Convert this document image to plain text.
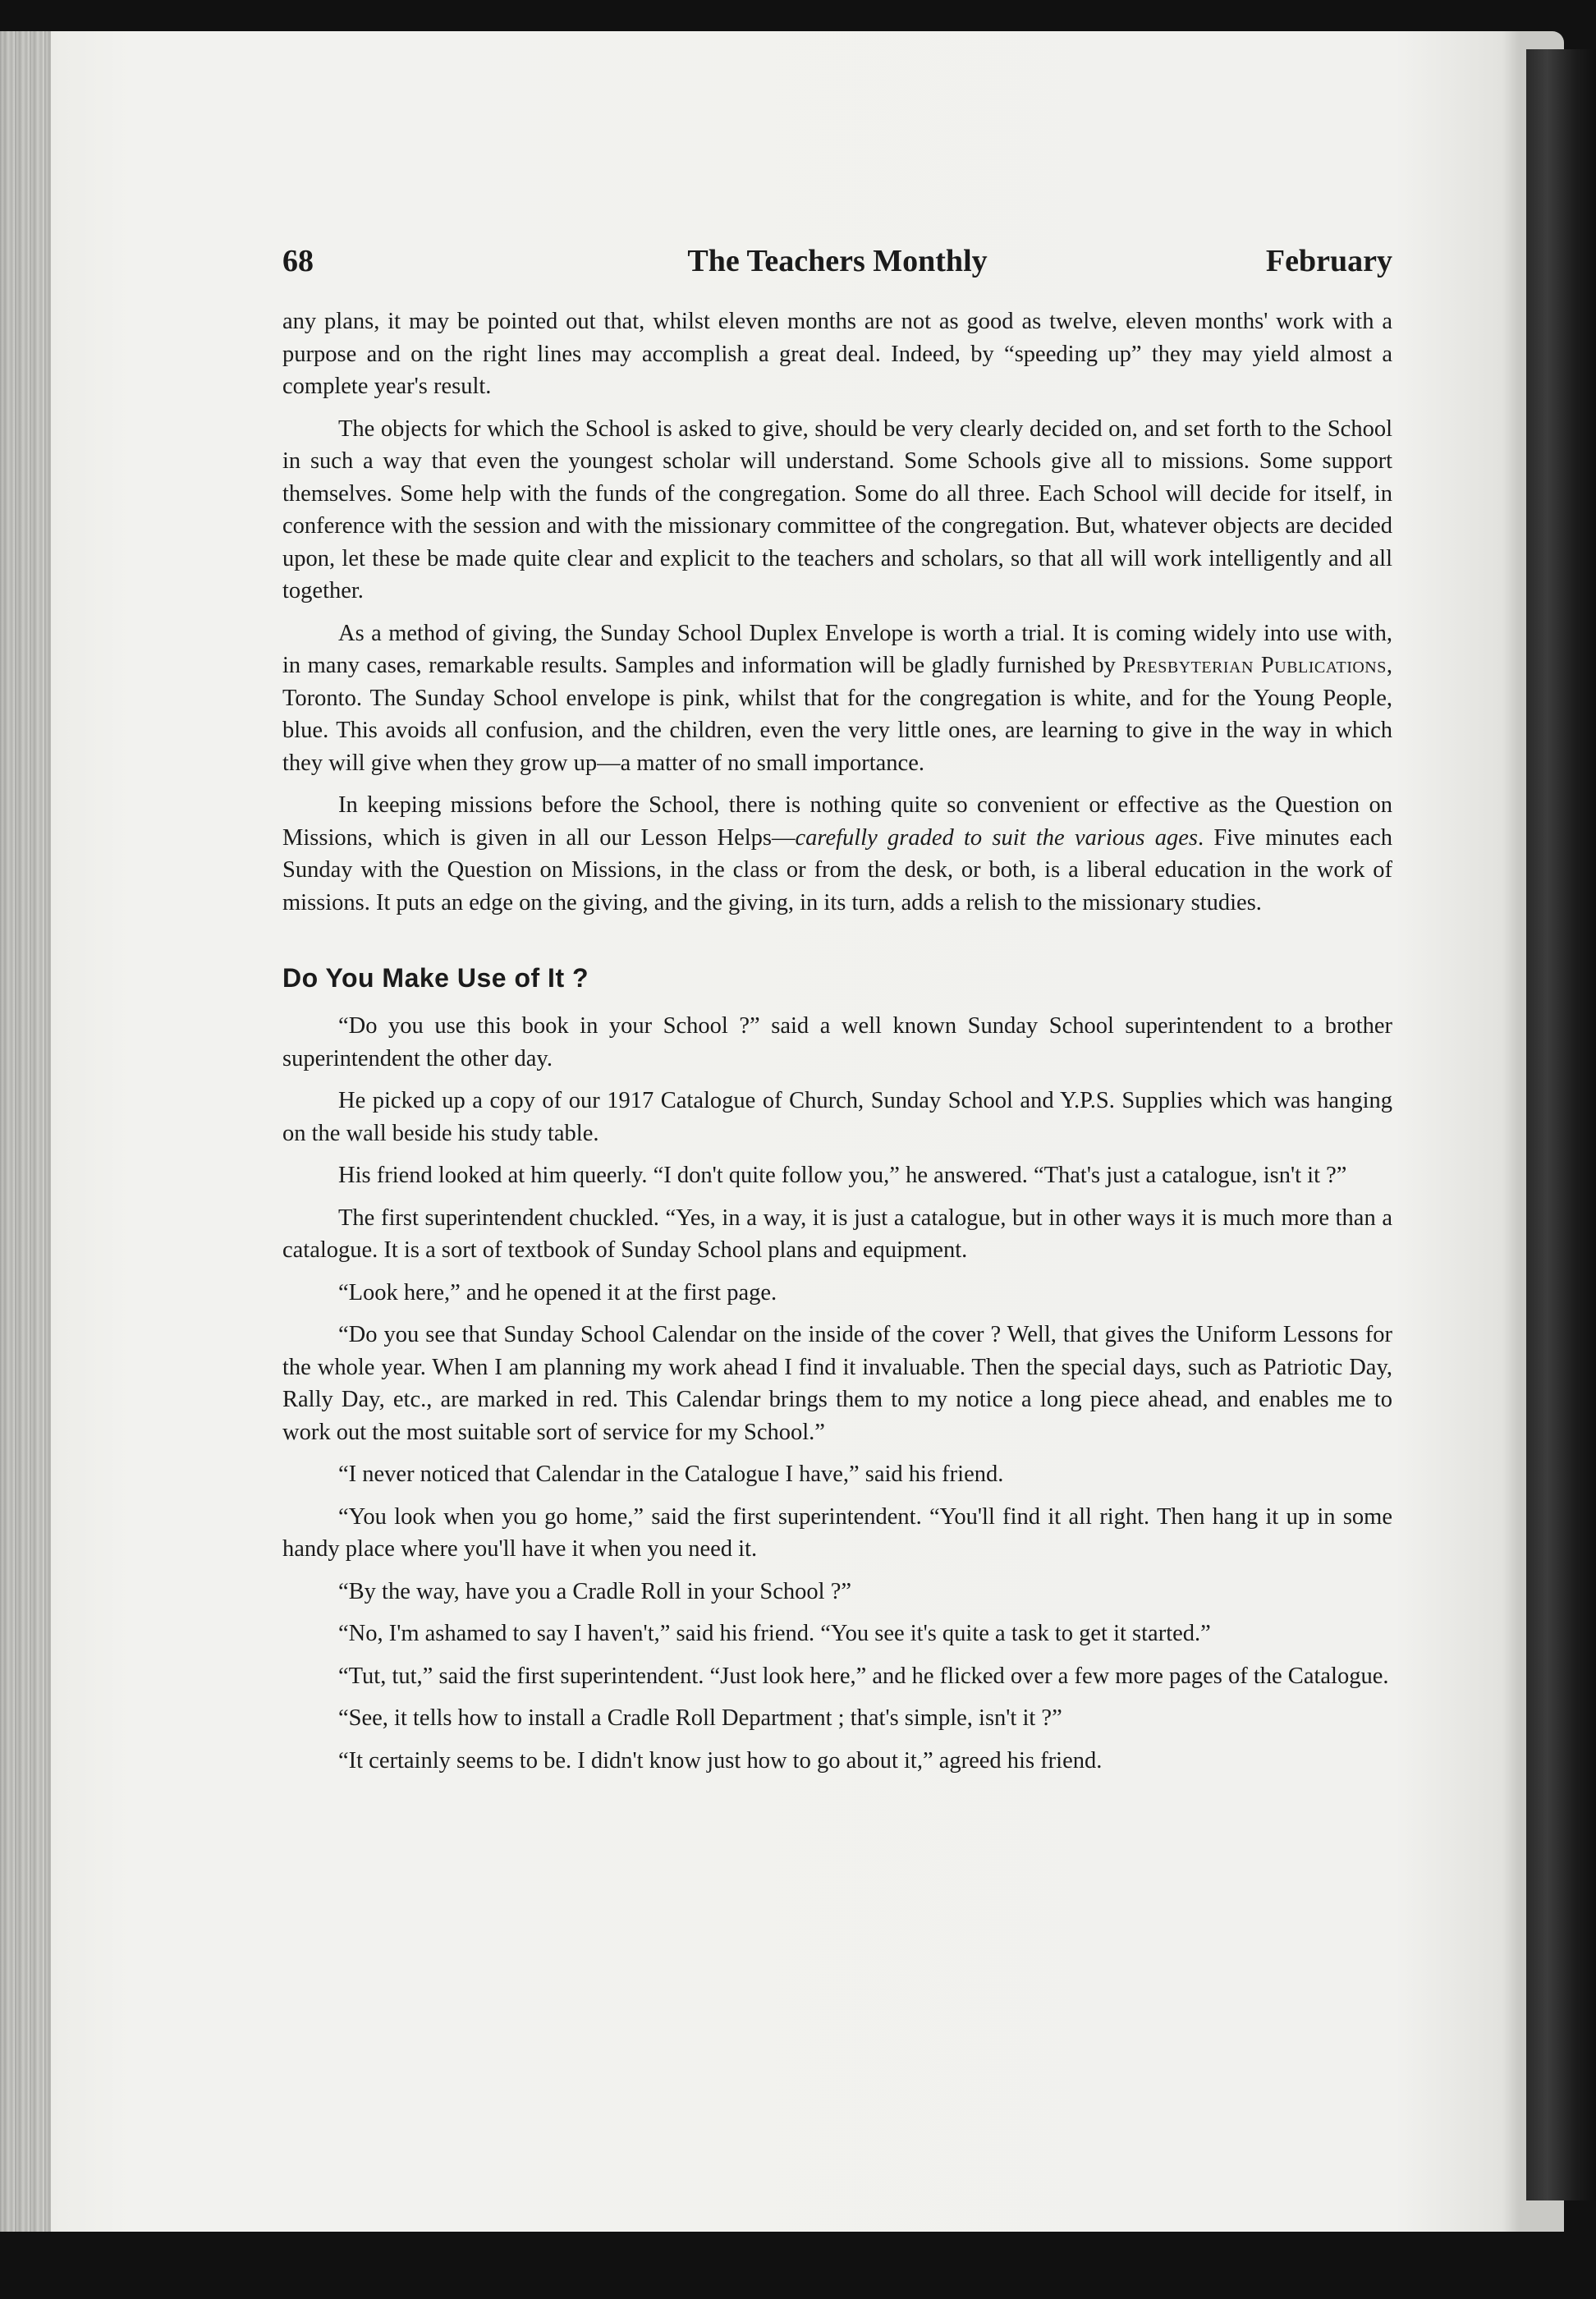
68	The Teachers Monthly	February

any plans, it may be pointed out that, whilst eleven months are not as good as twelve, eleven months' work with a purpose and on the right lines may accomplish a great deal. Indeed, by “speeding up” they may yield almost a complete year's result.

The objects for which the School is asked to give, should be very clearly decided on, and set forth to the School in such a way that even the youngest scholar will understand. Some Schools give all to missions. Some support themselves. Some help with the funds of the congregation. Some do all three. Each School will decide for itself, in conference with the session and with the missionary committee of the congregation. But, whatever objects are decided upon, let these be made quite clear and explicit to the teachers and scholars, so that all will work intelligently and all together.

As a method of giving, the Sunday School Duplex Envelope is worth a trial. It is coming widely into use with, in many cases, remarkable results. Samples and information will be gladly furnished by Presbyterian Publications, Toronto. The Sunday School envelope is pink, whilst that for the congregation is white, and for the Young People, blue. This avoids all confusion, and the children, even the very little ones, are learning to give in the way in which they will give when they grow up—a matter of no small importance.

In keeping missions before the School, there is nothing quite so convenient or effective as the Question on Missions, which is given in all our Lesson Helps—carefully graded to suit the various ages. Five minutes each Sunday with the Question on Missions, in the class or from the desk, or both, is a liberal education in the work of missions. It puts an edge on the giving, and the giving, in its turn, adds a relish to the missionary studies.

Do You Make Use of It ?

“Do you use this book in your School ?” said a well known Sunday School superintendent to a brother superintendent the other day.

He picked up a copy of our 1917 Catalogue of Church, Sunday School and Y.P.S. Supplies which was hanging on the wall beside his study table.

His friend looked at him queerly. “I don't quite follow you,” he answered. “That's just a catalogue, isn't it ?”

The first superintendent chuckled. “Yes, in a way, it is just a catalogue, but in other ways it is much more than a catalogue. It is a sort of textbook of Sunday School plans and equipment.

“Look here,” and he opened it at the first page.

“Do you see that Sunday School Calendar on the inside of the cover ? Well, that gives the Uniform Lessons for the whole year. When I am planning my work ahead I find it invaluable. Then the special days, such as Patriotic Day, Rally Day, etc., are marked in red. This Calendar brings them to my notice a long piece ahead, and enables me to work out the most suitable sort of service for my School.”

“I never noticed that Calendar in the Catalogue I have,” said his friend.

“You look when you go home,” said the first superintendent. “You'll find it all right. Then hang it up in some handy place where you'll have it when you need it.

“By the way, have you a Cradle Roll in your School ?”

“No, I'm ashamed to say I haven't,” said his friend. “You see it's quite a task to get it started.”

“Tut, tut,” said the first superintendent. “Just look here,” and he flicked over a few more pages of the Catalogue.

“See, it tells how to install a Cradle Roll Department ; that's simple, isn't it ?”

“It certainly seems to be. I didn't know just how to go about it,” agreed his friend.
